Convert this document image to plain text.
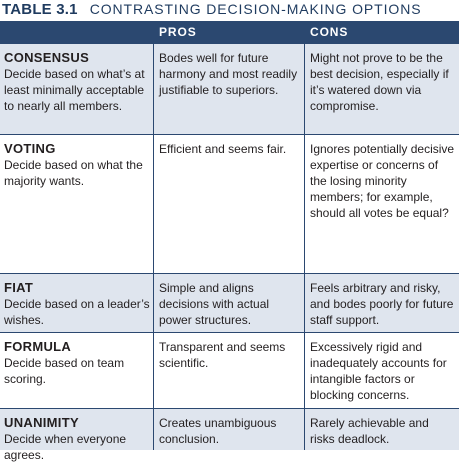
TABLE 3.1 CONTRASTING DECISION-MAKING OPTIONS
PROS	CONS
CONSENSUS
Decide based on what’s at least minimally acceptable to nearly all members.
Bodes well for future harmony and most readily justifiable to superiors.
Might not prove to be the best decision, especially if it’s watered down via compromise.
VOTING
Decide based on what the majority wants.
Efficient and seems fair.	Ignores potentially decisive expertise or concerns of the losing minority members; for example, should all votes be equal?
FIAT
Decide based on a leader’s wishes.
Simple and aligns decisions with actual power structures.
Feels arbitrary and risky, and bodes poorly for future staff support.
FORMULA
Decide based on team scoring.
Transparent and seems scientific.
Excessively rigid and inadequately accounts for intangible factors or blocking concerns.
UNANIMITY
Decide when everyone agrees.
Creates unambiguous conclusion.
Rarely achievable and risks deadlock.
